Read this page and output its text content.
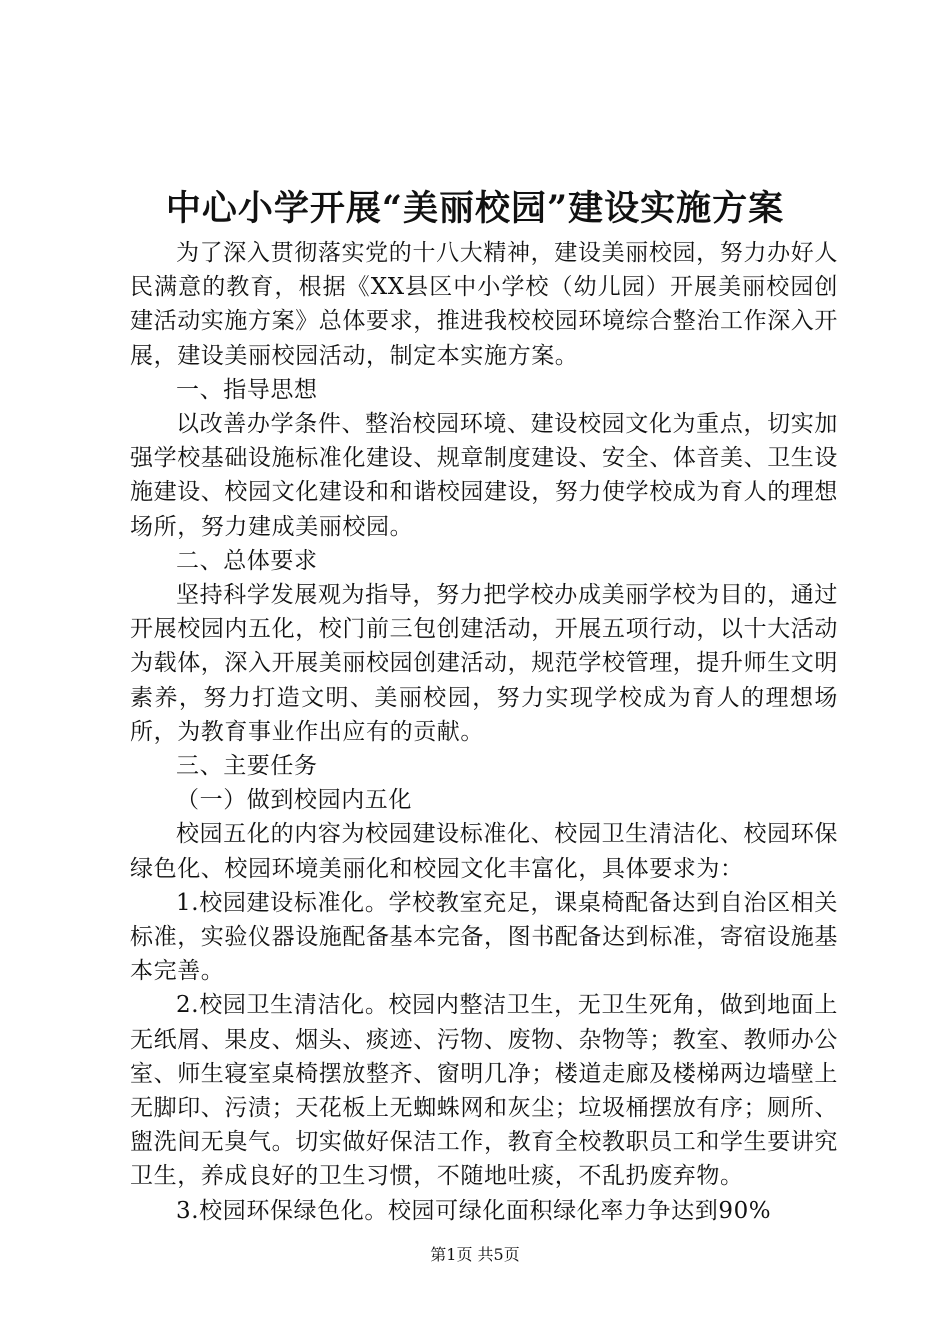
中心小学开展“美丽校园”建设实施方案

为了深入贯彻落实党的十八大精神，建设美丽校园，努力办好人民满意的教育，根据《XX县区中小学校（幼儿园）开展美丽校园创建活动实施方案》总体要求，推进我校校园环境综合整治工作深入开展，建设美丽校园活动，制定本实施方案。

一、指导思想

以改善办学条件、整治校园环境、建设校园文化为重点，切实加强学校基础设施标准化建设、规章制度建设、安全、体音美、卫生设施建设、校园文化建设和和谐校园建设，努力使学校成为育人的理想场所，努力建成美丽校园。

二、总体要求

坚持科学发展观为指导，努力把学校办成美丽学校为目的，通过开展校园内五化，校门前三包创建活动，开展五项行动，以十大活动为载体，深入开展美丽校园创建活动，规范学校管理，提升师生文明素养，努力打造文明、美丽校园，努力实现学校成为育人的理想场所，为教育事业作出应有的贡献。

三、主要任务

（一）做到校园内五化

校园五化的内容为校园建设标准化、校园卫生清洁化、校园环保绿色化、校园环境美丽化和校园文化丰富化，具体要求为：

1.校园建设标准化。学校教室充足，课桌椅配备达到自治区相关标准，实验仪器设施配备基本完备，图书配备达到标准，寄宿设施基本完善。

2.校园卫生清洁化。校园内整洁卫生，无卫生死角，做到地面上无纸屑、果皮、烟头、痰迹、污物、废物、杂物等；教室、教师办公室、师生寝室桌椅摆放整齐、窗明几净；楼道走廊及楼梯两边墙壁上无脚印、污渍；天花板上无蜘蛛网和灰尘；垃圾桶摆放有序；厕所、盥洗间无臭气。切实做好保洁工作，教育全校教职员工和学生要讲究卫生，养成良好的卫生习惯，不随地吐痰，不乱扔废弃物。

3.校园环保绿色化。校园可绿化面积绿化率力争达到90%

第1页 共5页
